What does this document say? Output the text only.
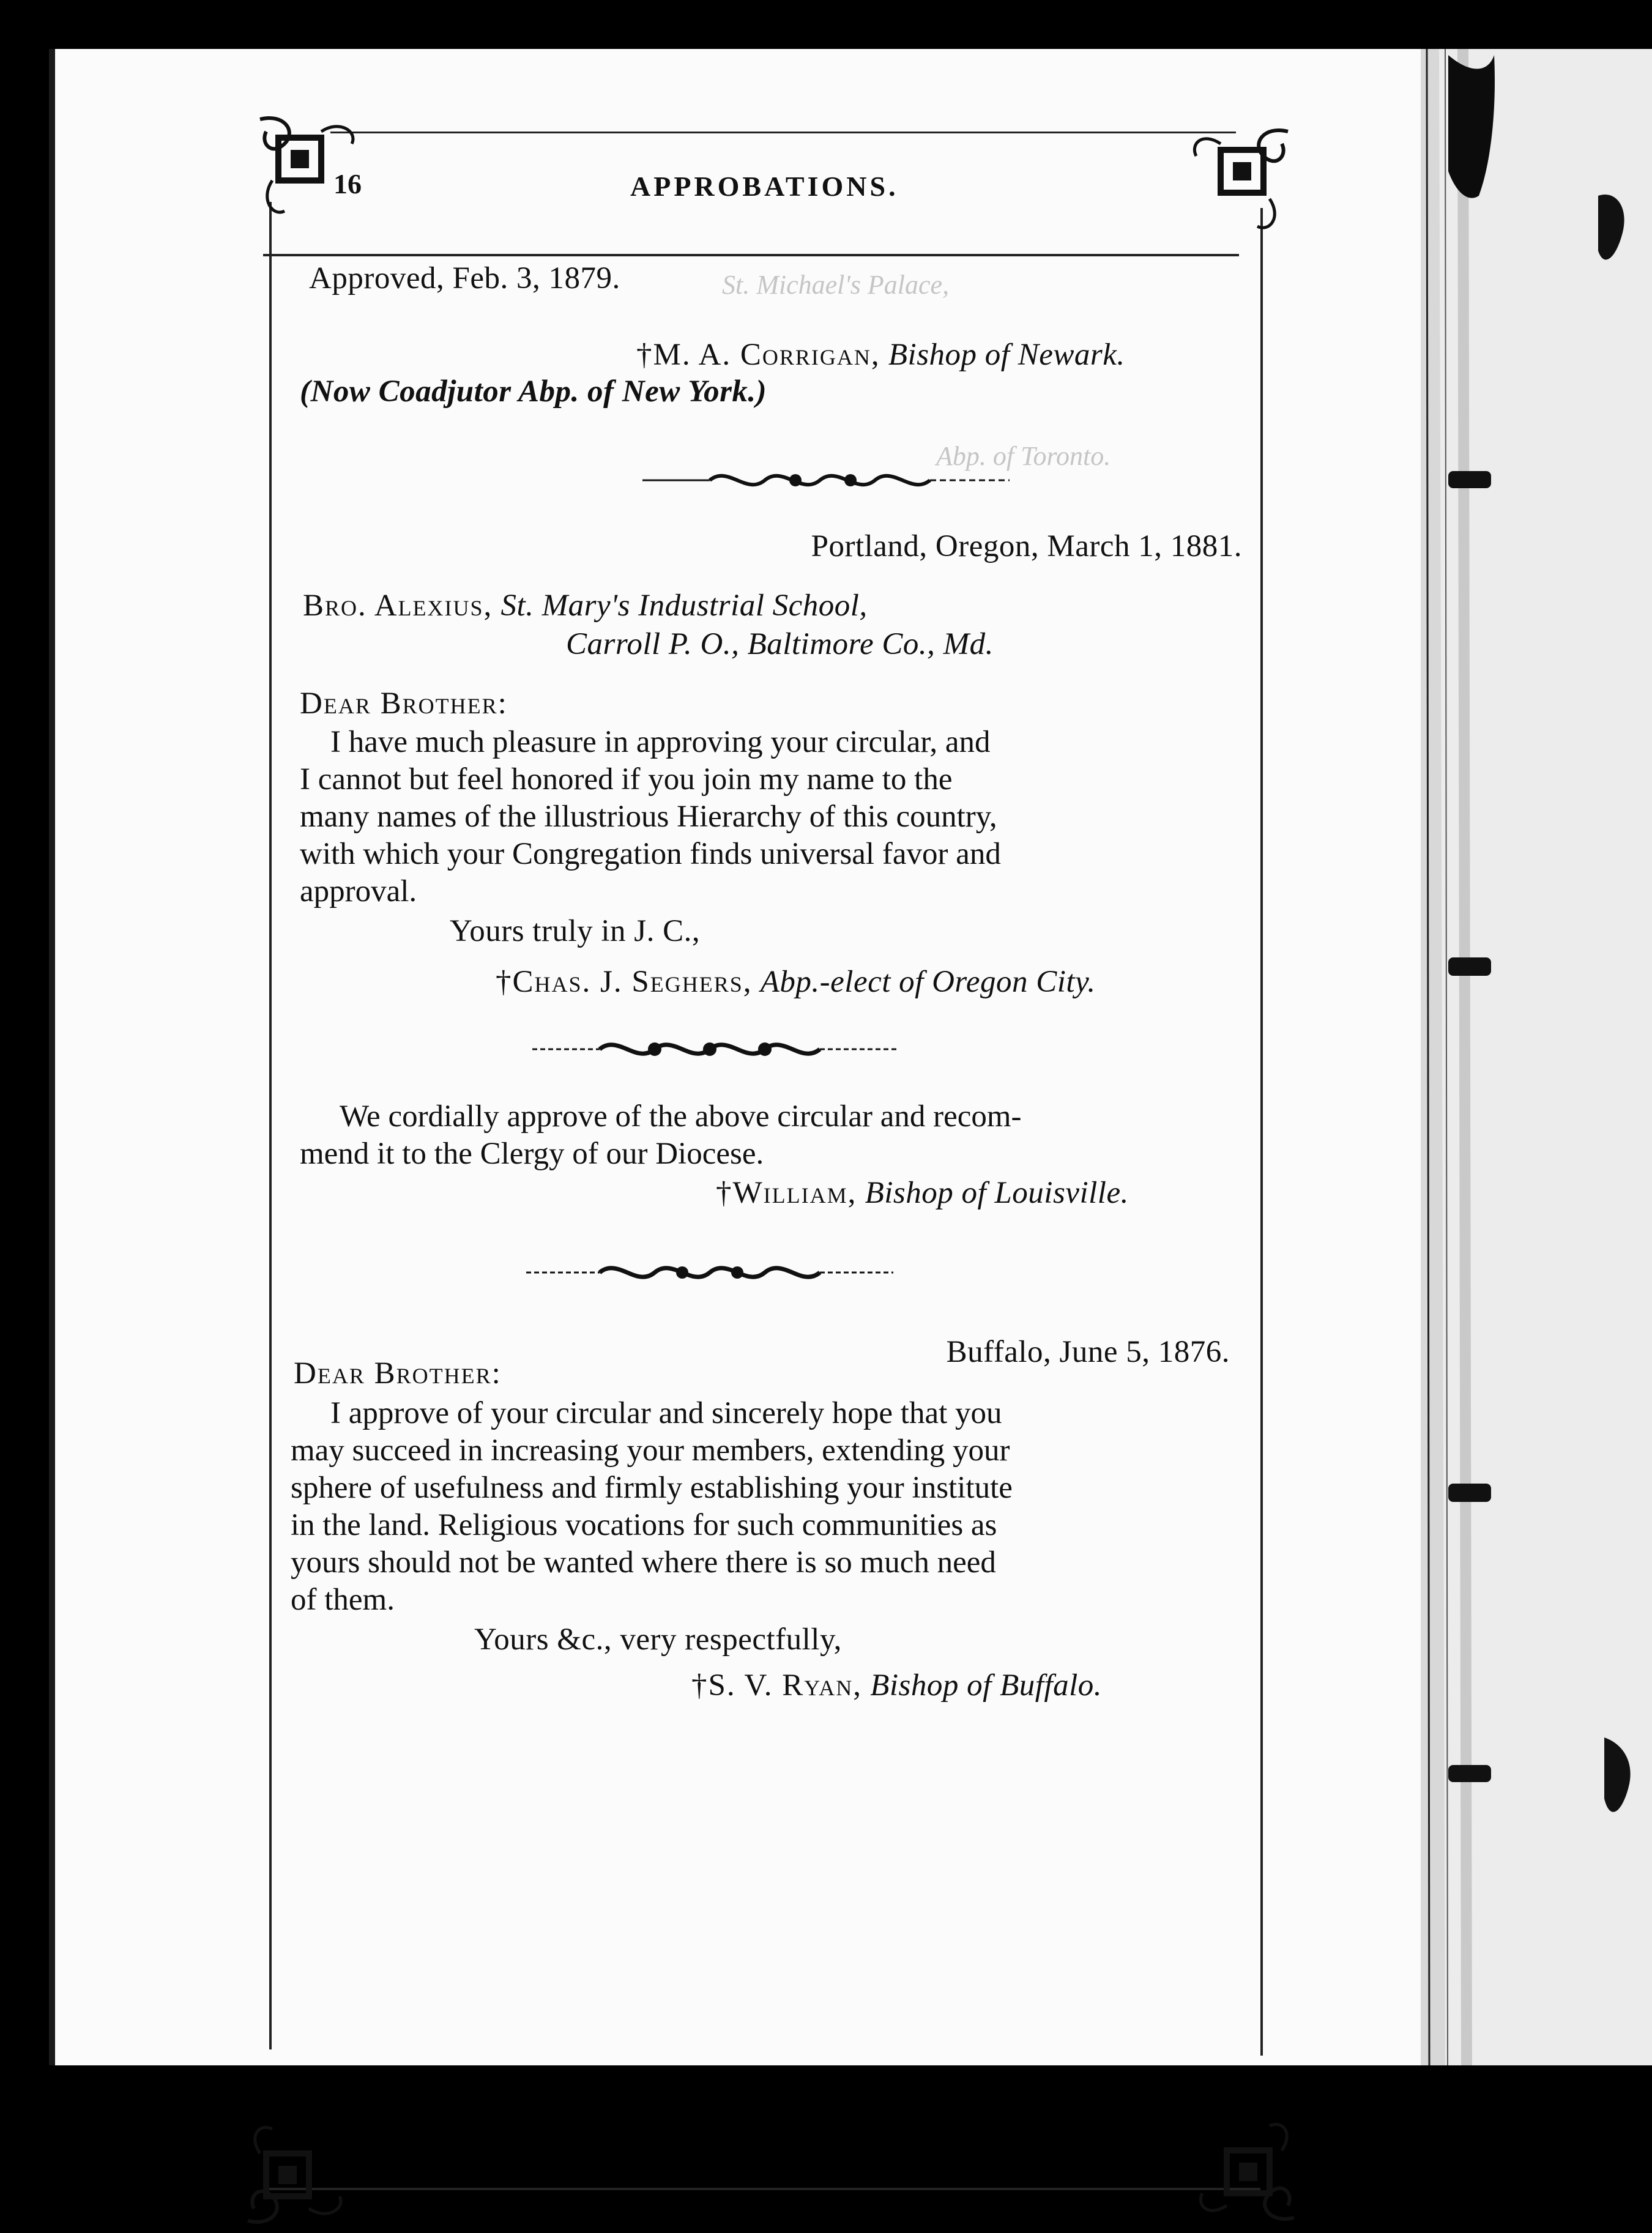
St. Michael's Palace,
Abp. of Toronto.
16	APPROBATIONS.
Approved, Feb. 3, 1879.
†M. A. Corrigan, Bishop of Newark.
(Now Coadjutor Abp. of New York.)
Portland, Oregon, March 1, 1881.
Bro. Alexius, St. Mary's Industrial School,
Carroll P. O., Baltimore Co., Md.
Dear Brother:
I have much pleasure in approving your circular, and
I cannot but feel honored if you join my name to the
many names of the illustrious Hierarchy of this country,
with which your Congregation finds universal favor and
approval.
Yours truly in J. C.,
†Chas. J. Seghers, Abp.-elect of Oregon City.
We cordially approve of the above circular and recom-
mend it to the Clergy of our Diocese.
†William, Bishop of Louisville.
Buffalo, June 5, 1876.
Dear Brother:
I approve of your circular and sincerely hope that you
may succeed in increasing your members, extending your
sphere of usefulness and firmly establishing your institute
in the land. Religious vocations for such communities as
yours should not be wanted where there is so much need
of them.
Yours &c., very respectfully,
†S. V. Ryan, Bishop of Buffalo.
